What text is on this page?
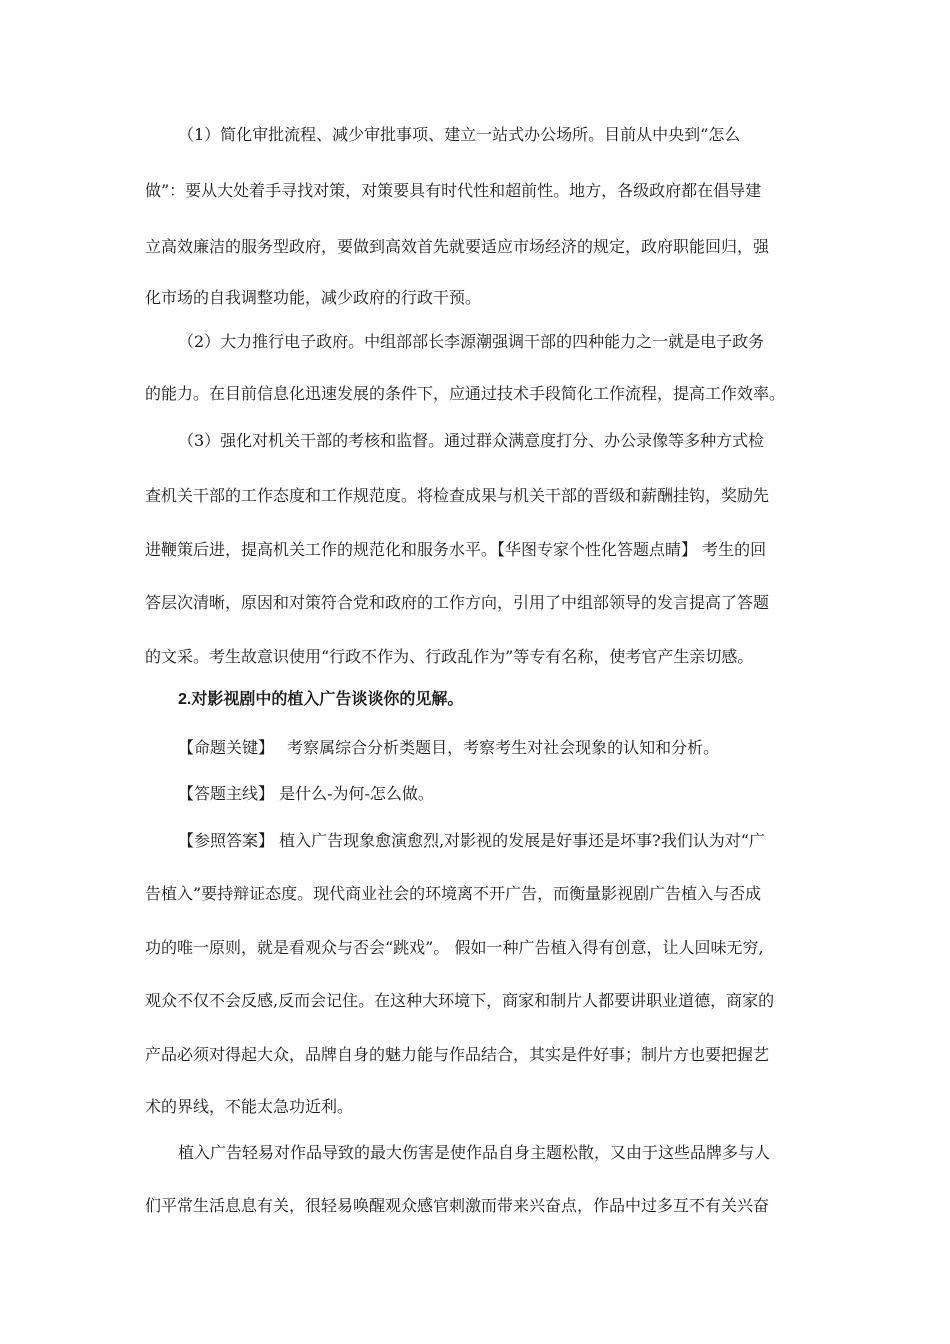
（1）简化审批流程、减少审批事项、建立一站式办公场所。目前从中央到“怎么
做”：要从大处着手寻找对策，对策要具有时代性和超前性。地方，各级政府都在倡导建
立高效廉洁的服务型政府，要做到高效首先就要适应市场经济的规定，政府职能回归，强
化市场的自我调整功能，减少政府的行政干预。
（2）大力推行电子政府。中组部部长李源潮强调干部的四种能力之一就是电子政务
的能力。在目前信息化迅速发展的条件下，应通过技术手段简化工作流程，提高工作效率。
（3）强化对机关干部的考核和监督。通过群众满意度打分、办公录像等多种方式检
查机关干部的工作态度和工作规范度。将检查成果与机关干部的晋级和薪酬挂钩，奖励先
进鞭策后进，提高机关工作的规范化和服务水平。【华图专家个性化答题点睛】 考生的回
答层次清晰，原因和对策符合党和政府的工作方向，引用了中组部领导的发言提高了答题
的文采。考生故意识使用“行政不作为、行政乱作为”等专有名称，使考官产生亲切感。
2.对影视剧中的植入广告谈谈你的见解。
【命题关键】　 考察属综合分析类题目，考察考生对社会现象的认知和分析。
【答题主线】 是什么-为何-怎么做。
【参照答案】 植入广告现象愈演愈烈,对影视的发展是好事还是坏事?我们认为对“广
告植入”要持辩证态度。现代商业社会的环境离不开广告，而衡量影视剧广告植入与否成
功的唯一原则，就是看观众与否会“跳戏”。 假如一种广告植入得有创意，让人回味无穷,
观众不仅不会反感,反而会记住。在这种大环境下，商家和制片人都要讲职业道德，商家的
产品必须对得起大众，品牌自身的魅力能与作品结合，其实是件好事；制片方也要把握艺
术的界线，不能太急功近利。
植入广告轻易对作品导致的最大伤害是使作品自身主题松散，又由于这些品牌多与人
们平常生活息息有关，很轻易唤醒观众感官刺激而带来兴奋点，作品中过多互不有关兴奋
